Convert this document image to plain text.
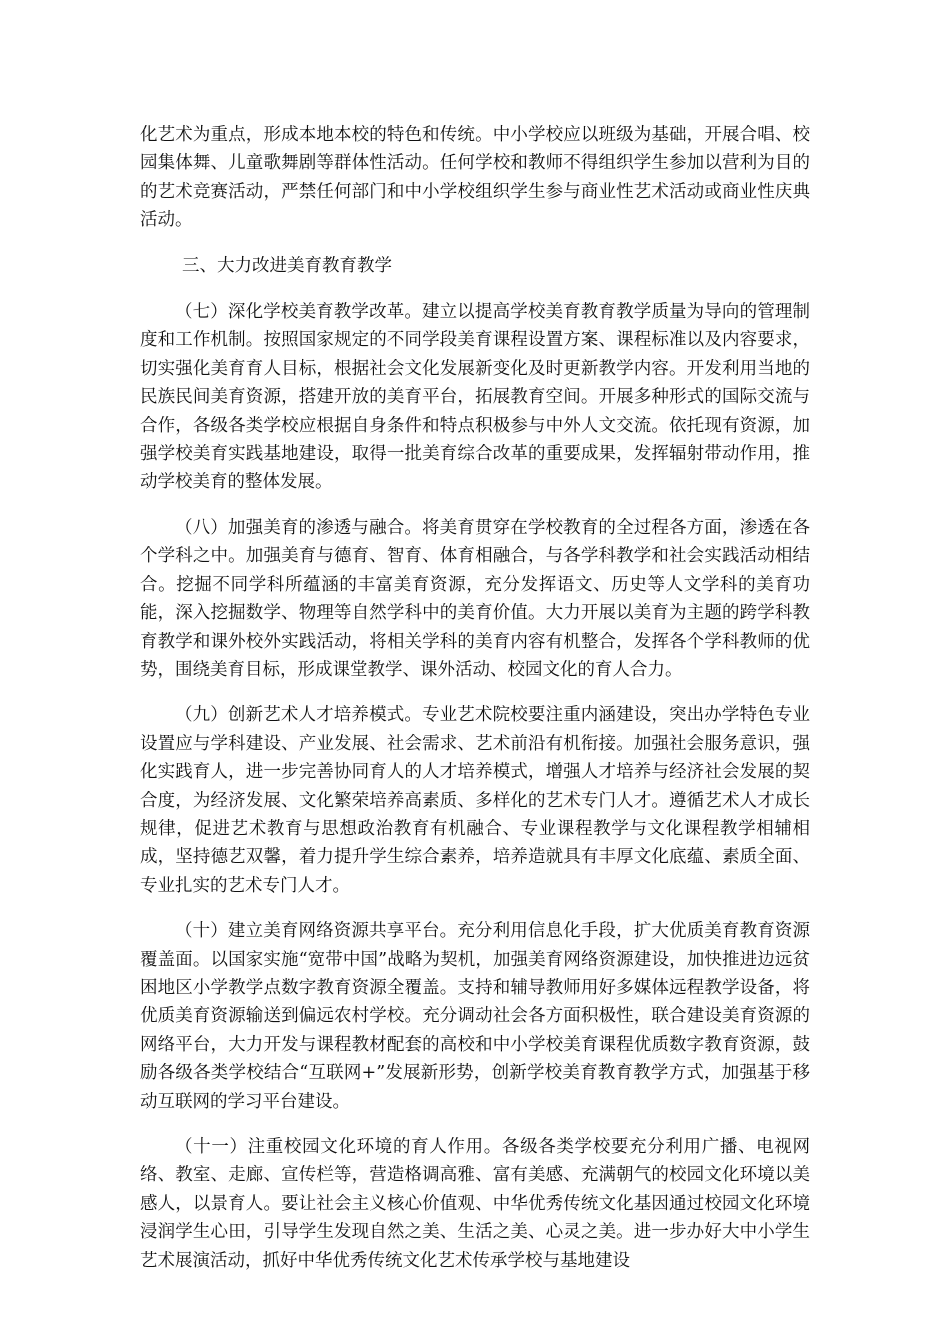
化艺术为重点，形成本地本校的特色和传统。中小学校应以班级为基础，开展合唱、校园集体舞、儿童歌舞剧等群体性活动。任何学校和教师不得组织学生参加以营利为目的的艺术竞赛活动，严禁任何部门和中小学校组织学生参与商业性艺术活动或商业性庆典活动。

三、大力改进美育教育教学

（七）深化学校美育教学改革。建立以提高学校美育教育教学质量为导向的管理制度和工作机制。按照国家规定的不同学段美育课程设置方案、课程标准以及内容要求，切实强化美育育人目标，根据社会文化发展新变化及时更新教学内容。开发利用当地的民族民间美育资源，搭建开放的美育平台，拓展教育空间。开展多种形式的国际交流与合作，各级各类学校应根据自身条件和特点积极参与中外人文交流。依托现有资源，加强学校美育实践基地建设，取得一批美育综合改革的重要成果，发挥辐射带动作用，推动学校美育的整体发展。

（八）加强美育的渗透与融合。将美育贯穿在学校教育的全过程各方面，渗透在各个学科之中。加强美育与德育、智育、体育相融合，与各学科教学和社会实践活动相结合。挖掘不同学科所蕴涵的丰富美育资源，充分发挥语文、历史等人文学科的美育功能，深入挖掘数学、物理等自然学科中的美育价值。大力开展以美育为主题的跨学科教育教学和课外校外实践活动，将相关学科的美育内容有机整合，发挥各个学科教师的优势，围绕美育目标，形成课堂教学、课外活动、校园文化的育人合力。

（九）创新艺术人才培养模式。专业艺术院校要注重内涵建设，突出办学特色专业设置应与学科建设、产业发展、社会需求、艺术前沿有机衔接。加强社会服务意识，强化实践育人，进一步完善协同育人的人才培养模式，增强人才培养与经济社会发展的契合度，为经济发展、文化繁荣培养高素质、多样化的艺术专门人才。遵循艺术人才成长规律，促进艺术教育与思想政治教育有机融合、专业课程教学与文化课程教学相辅相成，坚持德艺双馨，着力提升学生综合素养，培养造就具有丰厚文化底蕴、素质全面、专业扎实的艺术专门人才。

（十）建立美育网络资源共享平台。充分利用信息化手段，扩大优质美育教育资源覆盖面。以国家实施“宽带中国”战略为契机，加强美育网络资源建设，加快推进边远贫困地区小学教学点数字教育资源全覆盖。支持和辅导教师用好多媒体远程教学设备，将优质美育资源输送到偏远农村学校。充分调动社会各方面积极性，联合建设美育资源的网络平台，大力开发与课程教材配套的高校和中小学校美育课程优质数字教育资源，鼓励各级各类学校结合“互联网+”发展新形势，创新学校美育教育教学方式，加强基于移动互联网的学习平台建设。

（十一）注重校园文化环境的育人作用。各级各类学校要充分利用广播、电视网络、教室、走廊、宣传栏等，营造格调高雅、富有美感、充满朝气的校园文化环境以美感人，以景育人。要让社会主义核心价值观、中华优秀传统文化基因通过校园文化环境浸润学生心田，引导学生发现自然之美、生活之美、心灵之美。进一步办好大中小学生艺术展演活动，抓好中华优秀传统文化艺术传承学校与基地建设
